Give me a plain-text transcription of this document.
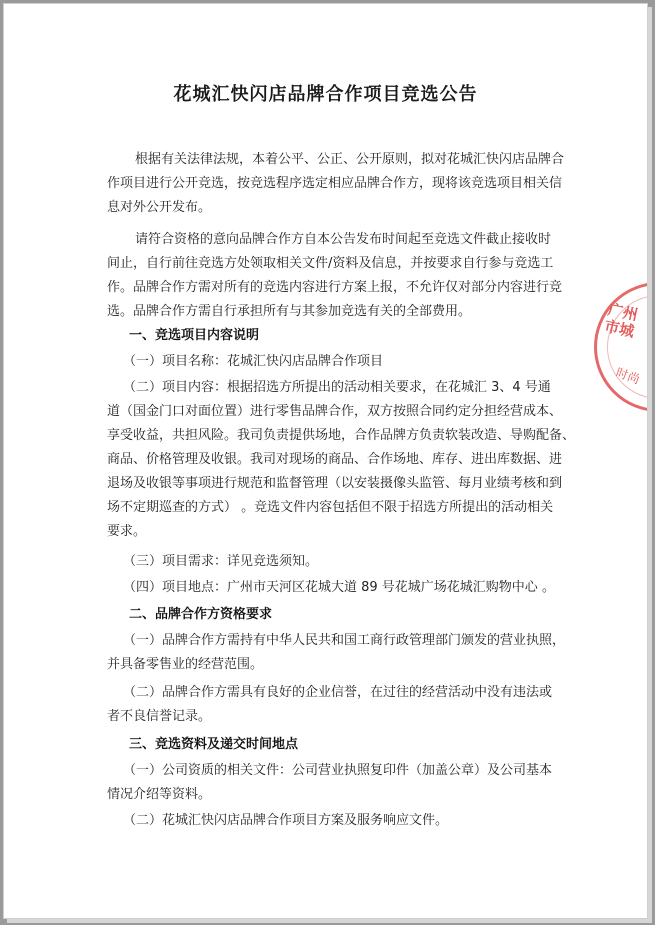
花城汇快闪店品牌合作项目竞选公告
根据有关法律法规，本着公平、公正、公开原则，拟对花城汇快闪店品牌合
作项目进行公开竞选，按竞选程序选定相应品牌合作方，现将该竞选项目相关信
息对外公开发布。
请符合资格的意向品牌合作方自本公告发布时间起至竞选文件截止接收时
间止，自行前往竞选方处领取相关文件/资料及信息，并按要求自行参与竞选工
作。品牌合作方需对所有的竞选内容进行方案上报，不允许仅对部分内容进行竞
选。品牌合作方需自行承担所有与其参加竞选有关的全部费用。
一、竞选项目内容说明
（一）项目名称：花城汇快闪店品牌合作项目
（二）项目内容：根据招选方所提出的活动相关要求，在花城汇 3、4 号通
道（国金门口对面位置）进行零售品牌合作，双方按照合同约定分担经营成本、
享受收益，共担风险。我司负责提供场地，合作品牌方负责软装改造、导购配备、
商品、价格管理及收银。我司对现场的商品、合作场地、库存、进出库数据、进
退场及收银等事项进行规范和监督管理（以安装摄像头监管、每月业绩考核和到
场不定期巡查的方式） 。竞选文件内容包括但不限于招选方所提出的活动相关
要求。
（三）项目需求：详见竞选须知。
（四）项目地点：广州市天河区花城大道 89 号花城广场花城汇购物中心 。
二、品牌合作方资格要求
（一）品牌合作方需持有中华人民共和国工商行政管理部门颁发的营业执照，
并具备零售业的经营范围。
（二）品牌合作方需具有良好的企业信誉，在过往的经营活动中没有违法或
者不良信誉记录。
三、竞选资料及递交时间地点
（一）公司资质的相关文件：公司营业执照复印件（加盖公章）及公司基本
情况介绍等资料。
（二）花城汇快闪店品牌合作项目方案及服务响应文件。
广州市城
时尚
